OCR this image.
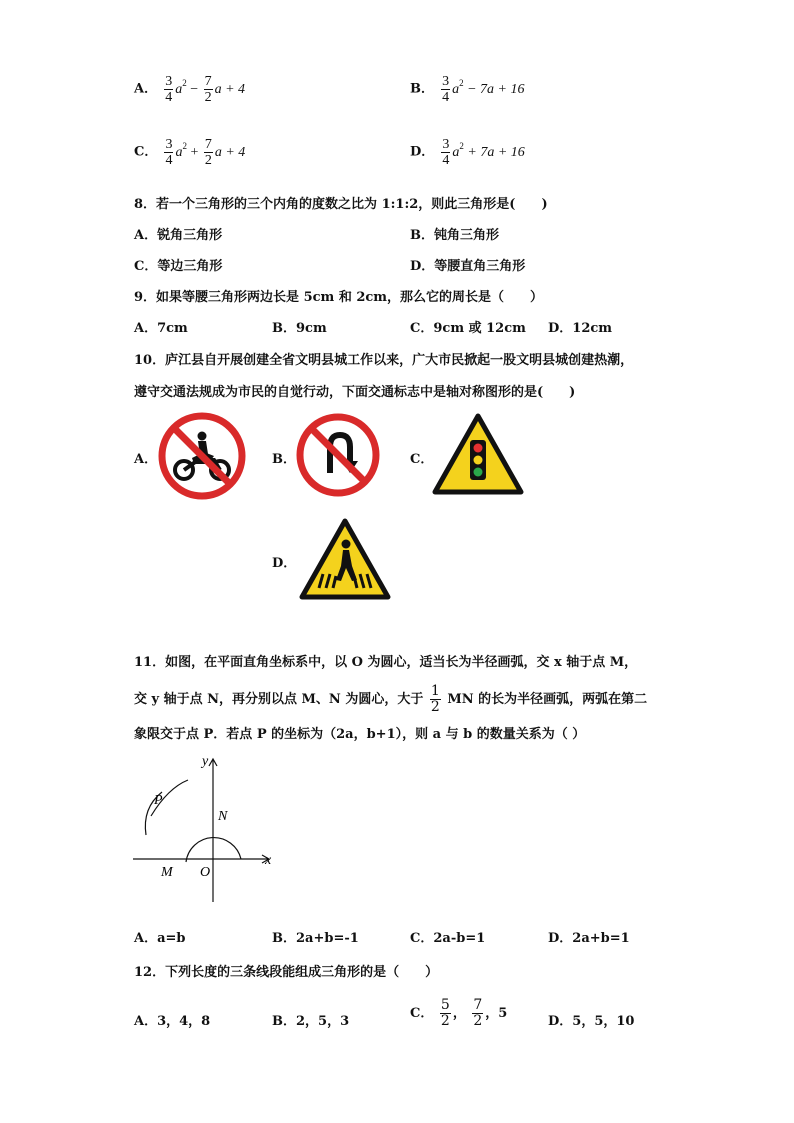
A． $\frac{3}{4} a^2 - \frac{7}{2}$ a + 4	B． $\frac{3}{4} a^2 - 7a + 16$
C． $\frac{3}{4} a^2 + \frac{7}{2}$ a + 4	D． $\frac{3}{4} a^2 + 7a + 16$
8．若一个三角形的三个内角的度数之比为 1:1:2，则此三角形是(　　)
A．锐角三角形	B．钝角三角形
C．等边三角形	D．等腰直角三角形
9．如果等腰三角形两边长是 5cm 和 2cm，那么它的周长是（　　）
A．7cm	B．9cm	C．9cm 或 12cm D．12cm
10．庐江县自开展创建全省文明县城工作以来，广大市民掀起一股文明县城创建热潮，
遵守交通法规成为市民的自觉行动，下面交通标志中是轴对称图形的是(　　)
A．	B．	C．
D．
11．如图，在平面直角坐标系中，以 O 为圆心，适当长为半径画弧，交 x 轴于点 M，
交 y 轴于点 N，再分别以点 M、N 为圆心，大于 $\frac{1}{2}$ MN 的长为半径画弧，两弧在第二
象限交于点 P．若点 P 的坐标为（2a，b+1），则 a 与 b 的数量关系为（ ）
y
x
P
N
M O
A．a=b	B．2a+b=-1	C．2a-b=1	D．2a+b=1
12．下列长度的三条线段能组成三角形的是（　　）
A．3，4，8	B．2，5，3
C． $\frac{5}{2}$ ， $\frac{7}{2}$ ，5
D．5，5，10
